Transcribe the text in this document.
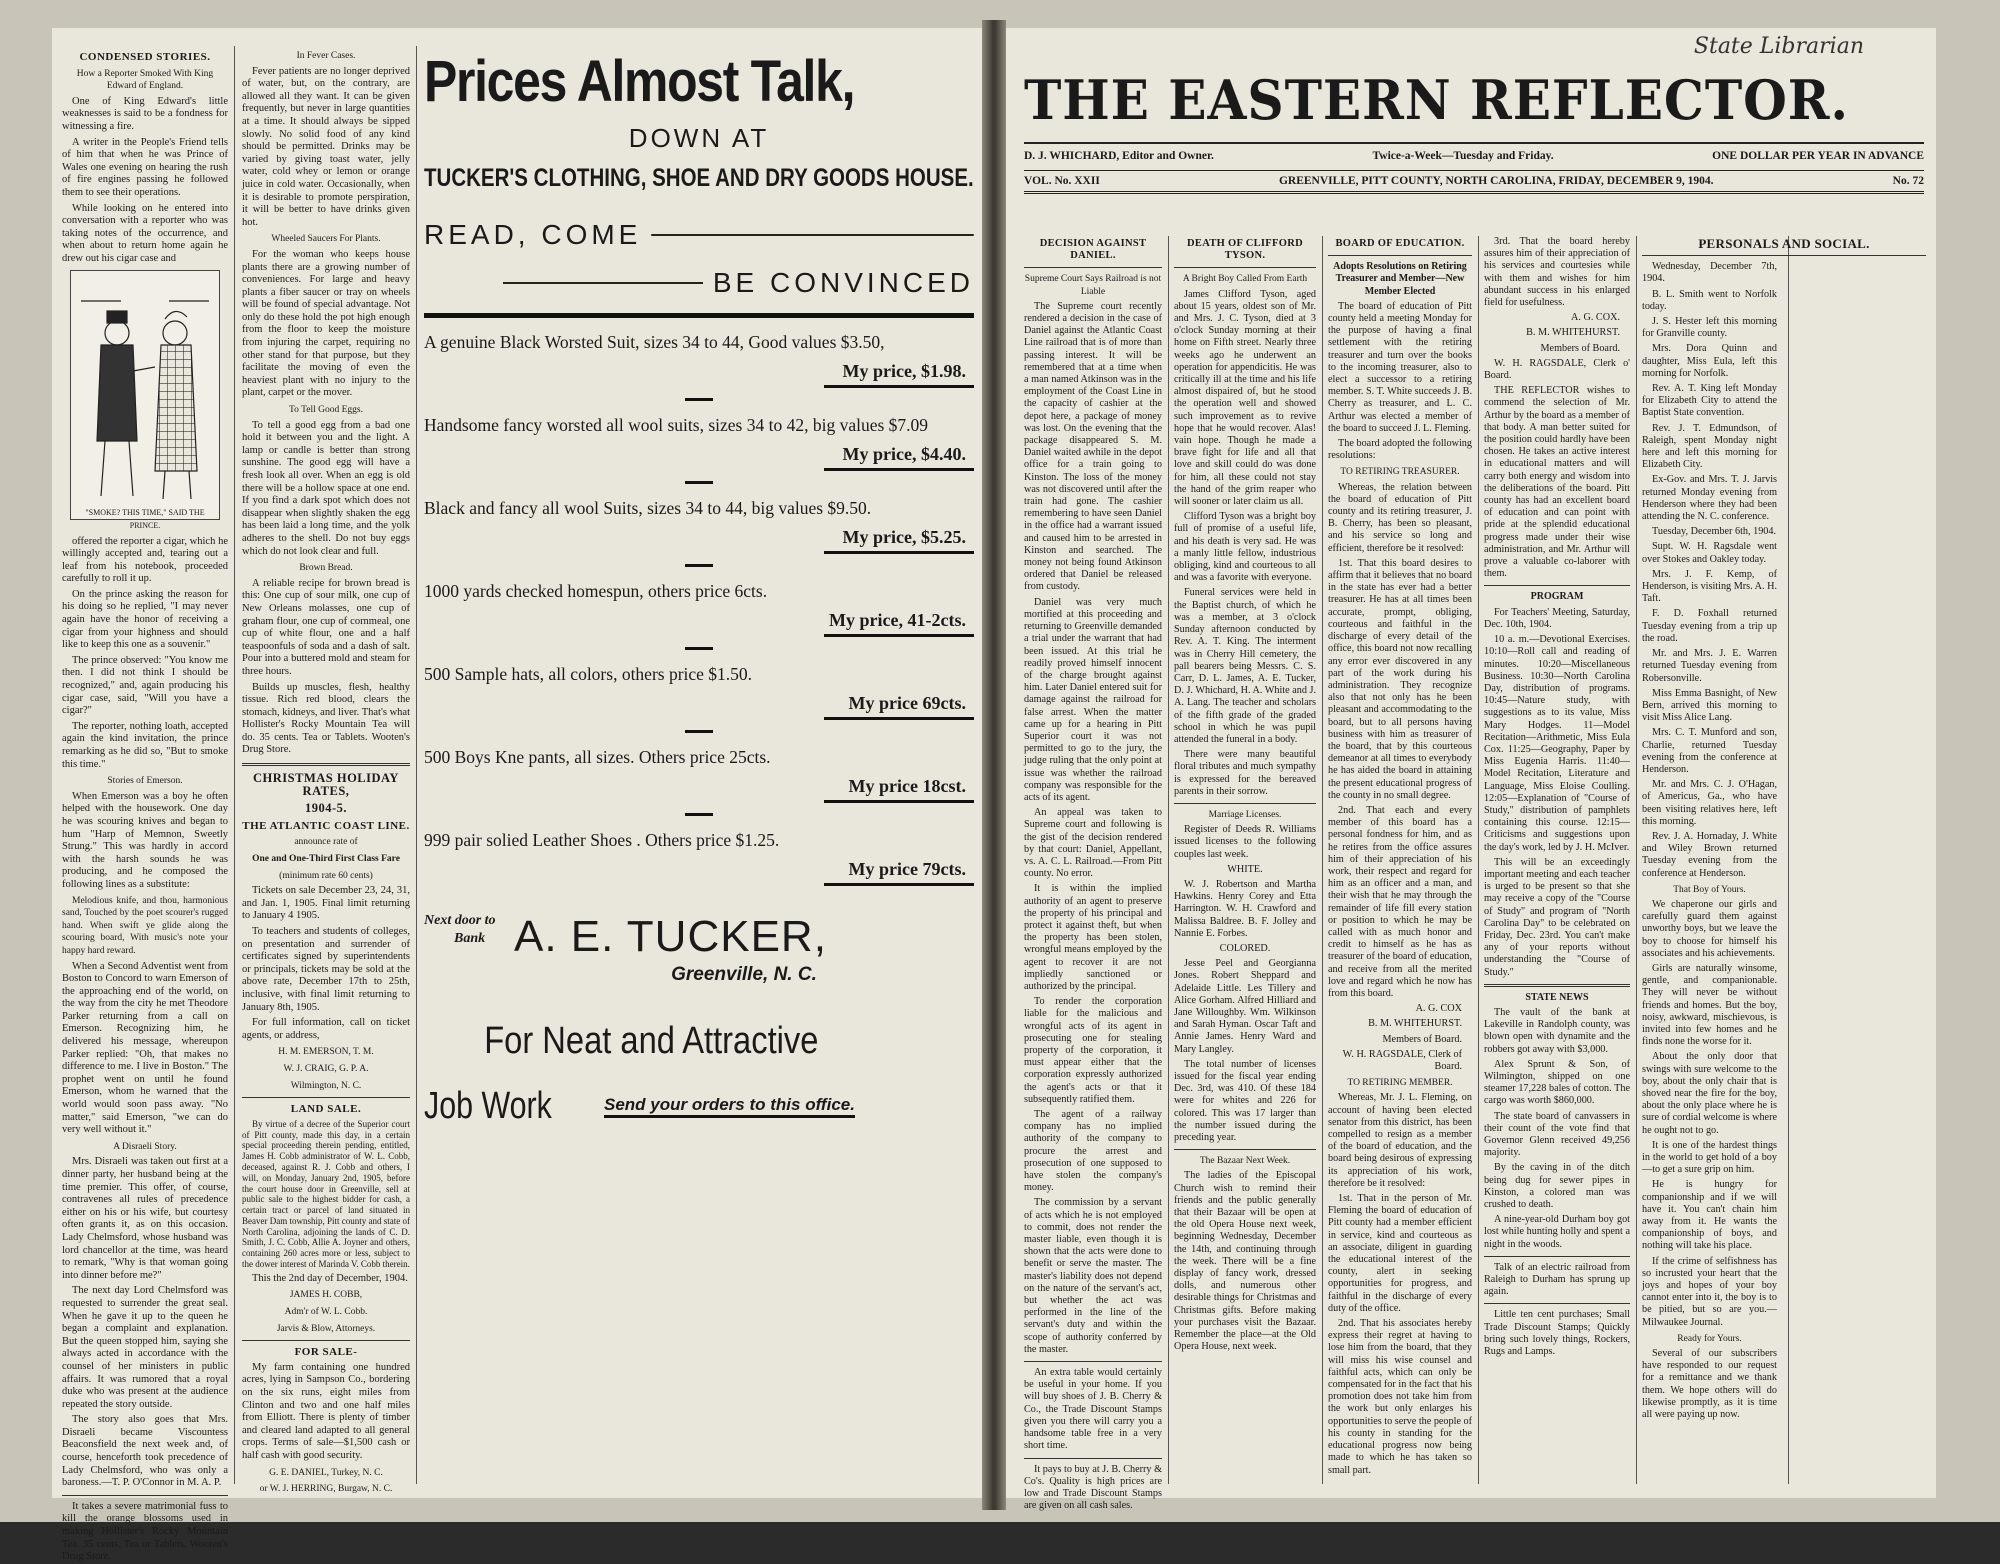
CONDENSED STORIES.
How a Reporter Smoked With King Edward of England.

One of King Edward's little weaknesses is said to be a fondness for witnessing a fire.

A writer in the People's Friend tells of him that when he was Prince of Wales one evening on hearing the rush of fire engines passing he followed them to see their operations.

While looking on he entered into conversation with a reporter who was taking notes of the occurrence, and when about to return home again he drew out his cigar case and

"SMOKE? THIS TIME," SAID THE PRINCE.

offered the reporter a cigar, which he willingly accepted and, tearing out a leaf from his notebook, proceeded carefully to roll it up.

On the prince asking the reason for his doing so he replied, "I may never again have the honor of receiving a cigar from your highness and should like to keep this one as a souvenir."

The prince observed: "You know me then. I did not think I should be recognized," and, again producing his cigar case, said, "Will you have a cigar?"

The reporter, nothing loath, accepted again the kind invitation, the prince remarking as he did so, "But to smoke this time."

Stories of Emerson.

When Emerson was a boy he often helped with the housework. One day he was scouring knives and began to hum "Harp of Memnon, Sweetly Strung." This was hardly in accord with the harsh sounds he was producing, and he composed the following lines as a substitute:

Melodious knife, and thou, harmonious sand, Touched by the poet scourer's rugged hand. When swift ye glide along the scouring board, With music's note your happy hard reward.

When a Second Adventist went from Boston to Concord to warn Emerson of the approaching end of the world, on the way from the city he met Theodore Parker returning from a call on Emerson. Recognizing him, he delivered his message, whereupon Parker replied: "Oh, that makes no difference to me. I live in Boston." The prophet went on until he found Emerson, whom he warned that the world would soon pass away. "No matter," said Emerson, "we can do very well without it."

A Disraeli Story.

Mrs. Disraeli was taken out first at a dinner party, her husband being at the time premier. This offer, of course, contravenes all rules of precedence either on his or his wife, but courtesy often grants it, as on this occasion. Lady Chelmsford, whose husband was lord chancellor at the time, was heard to remark, "Why is that woman going into dinner before me?"

The next day Lord Chelmsford was requested to surrender the great seal. When he gave it up to the queen he began a complaint and explanation. But the queen stopped him, saying she always acted in accordance with the counsel of her ministers in public affairs. It was rumored that a royal duke who was present at the audience repeated the story outside.

The story also goes that Mrs. Disraeli became Viscountess Beaconsfield the next week and, of course, henceforth took precedence of Lady Chelmsford, who was only a baroness.—T. P. O'Connor in M. A. P.

It takes a severe matrimonial fuss to kill the orange blossoms used in making Hollister's Rocky Mountain Tea. 35 cents. Tea or Tablets. Wooten's Drug Store.

In Fever Cases.

Fever patients are no longer deprived of water, but, on the contrary, are allowed all they want. It can be given frequently, but never in large quantities at a time. It should always be sipped slowly. No solid food of any kind should be permitted. Drinks may be varied by giving toast water, jelly water, cold whey or lemon or orange juice in cold water. Occasionally, when it is desirable to promote perspiration, it will be better to have drinks given hot.

Wheeled Saucers For Plants.

For the woman who keeps house plants there are a growing number of conveniences. For large and heavy plants a fiber saucer or tray on wheels will be found of special advantage. Not only do these hold the pot high enough from the floor to keep the moisture from injuring the carpet, requiring no other stand for that purpose, but they facilitate the moving of even the heaviest plant with no injury to the plant, carpet or the mover.

To Tell Good Eggs.

To tell a good egg from a bad one hold it between you and the light. A lamp or candle is better than strong sunshine. The good egg will have a fresh look all over. When an egg is old there will be a hollow space at one end. If you find a dark spot which does not disappear when slightly shaken the egg has been laid a long time, and the yolk adheres to the shell. Do not buy eggs which do not look clear and full.

Brown Bread.

A reliable recipe for brown bread is this: One cup of sour milk, one cup of New Orleans molasses, one cup of graham flour, one cup of cornmeal, one cup of white flour, one and a half teaspoonfuls of soda and a dash of salt. Pour into a buttered mold and steam for three hours.

Builds up muscles, flesh, healthy tissue. Rich red blood, clears the stomach, kidneys, and liver. That's what Hollister's Rocky Mountain Tea will do. 35 cents. Tea or Tablets. Wooten's Drug Store.

CHRISTMAS HOLIDAY RATES,
1904-5.
THE ATLANTIC COAST LINE.
announce rate of
One and One-Third First Class Fare
(minimum rate 60 cents)

Tickets on sale December 23, 24, 31, and Jan. 1, 1905. Final limit returning to January 4 1905.

To teachers and students of colleges, on presentation and surrender of certificates signed by superintendents or principals, tickets may be sold at the above rate, December 17th to 25th, inclusive, with final limit returning to January 8th, 1905.

For full information, call on ticket agents, or address,

H. M. EMERSON, T. M.
W. J. CRAIG, G. P. A.
Wilmington, N. C.
LAND SALE.

By virtue of a decree of the Superior court of Pitt county, made this day, in a certain special proceeding therein pending, entitled, James H. Cobb administrator of W. L. Cobb, deceased, against R. J. Cobb and others, I will, on Monday, January 2nd, 1905, before the court house door in Greenville, sell at public sale to the highest bidder for cash, a certain tract or parcel of land situated in Beaver Dam township, Pitt county and state of North Carolina, adjoining the lands of C. D. Smith, J. C. Cobb, Allie A. Joyner and others, containing 260 acres more or less, subject to the dower interest of Marinda V. Cobb therein.

This the 2nd day of December, 1904.

JAMES H. COBB,
Adm'r of W. L. Cobb.
Jarvis & Blow, Attorneys.
FOR SALE-

My farm containing one hundred acres, lying in Sampson Co., bordering on the six runs, eight miles from Clinton and two and one half miles from Elliott. There is plenty of timber and cleared land adapted to all general crops. Terms of sale—$1,500 cash or half cash with good security.

G. E. DANIEL, Turkey, N. C.
or W. J. HERRING, Burgaw, N. C.
Prices Almost Talk,
DOWN AT
TUCKER'S CLOTHING, SHOE AND DRY GOODS HOUSE.
READ, COME
BE CONVINCED
A genuine Black Worsted Suit, sizes 34 to 44, Good values $3.50,
My price, $1.98.
Handsome fancy worsted all wool suits, sizes 34 to 42, big values $7.09
My price, $4.40.
Black and fancy all wool Suits, sizes 34 to 44, big values $9.50.
My price, $5.25.
1000 yards checked homespun, others price 6cts.
My price, 41-2cts.
500 Sample hats, all colors, others price $1.50.
My price 69cts.
500 Boys Kne pants, all sizes. Others price 25cts.
My price 18cst.
999 pair solied Leather Shoes . Others price $1.25.
My price 79cts.
Next door to
Bank A. E. TUCKER,
Greenville, N. C.
For Neat and Attractive
Job Work	Send your orders to this office.
State Librarian
THE EASTERN REFLECTOR.
D. J. WHICHARD, Editor and Owner.	Twice-a-Week—Tuesday and Friday.	ONE DOLLAR PER YEAR IN ADVANCE
VOL. No. XXII	GREENVILLE, PITT COUNTY, NORTH CAROLINA, FRIDAY, DECEMBER 9, 1904.	No. 72
DECISION AGAINST DANIEL.
Supreme Court Says Railroad is not Liable

The Supreme court recently rendered a decision in the case of Daniel against the Atlantic Coast Line railroad that is of more than passing interest. It will be remembered that at a time when a man named Atkinson was in the employment of the Coast Line in the capacity of cashier at the depot here, a package of money was lost. On the evening that the package disappeared S. M. Daniel waited awhile in the depot office for a train going to Kinston. The loss of the money was not discovered until after the train had gone. The cashier remembering to have seen Daniel in the office had a warrant issued and caused him to be arrested in Kinston and searched. The money not being found Atkinson ordered that Daniel be released from custody.

Daniel was very much mortified at this proceeding and returning to Greenville demanded a trial under the warrant that had been issued. At this trial he readily proved himself innocent of the charge brought against him. Later Daniel entered suit for damage against the railroad for false arrest. When the matter came up for a hearing in Pitt Superior court it was not permitted to go to the jury, the judge ruling that the only point at issue was whether the railroad company was responsible for the acts of its agent.

An appeal was taken to Supreme court and following is the gist of the decision rendered by that court: Daniel, Appellant, vs. A. C. L. Railroad.—From Pitt county. No error.

It is within the implied authority of an agent to preserve the property of his principal and protect it against theft, but when the property has been stolen, wrongful means employed by the agent to recover it are not impliedly sanctioned or authorized by the principal.

To render the corporation liable for the malicious and wrongful acts of its agent in prosecuting one for stealing property of the corporation, it must appear either that the corporation expressly authorized the agent's acts or that it subsequently ratified them.

The agent of a railway company has no implied authority of the company to procure the arrest and prosecution of one supposed to have stolen the company's money.

The commission by a servant of acts which he is not employed to commit, does not render the master liable, even though it is shown that the acts were done to benefit or serve the master. The master's liability does not depend on the nature of the servant's act, but whether the act was performed in the line of the servant's duty and within the scope of authority conferred by the master.

An extra table would certainly be useful in your home. If you will buy shoes of J. B. Cherry & Co., the Trade Discount Stamps given you there will carry you a handsome table free in a very short time.

It pays to buy at J. B. Cherry & Co's. Quality is high prices are low and Trade Discount Stamps are given on all cash sales.

DEATH OF CLIFFORD TYSON.
A Bright Boy Called From Earth

James Clifford Tyson, aged about 15 years, oldest son of Mr. and Mrs. J. C. Tyson, died at 3 o'clock Sunday morning at their home on Fifth street. Nearly three weeks ago he underwent an operation for appendicitis. He was critically ill at the time and his life almost dispaired of, but he stood the operation well and showed such improvement as to revive hope that he would recover. Alas! vain hope. Though he made a brave fight for life and all that love and skill could do was done for him, all these could not stay the hand of the grim reaper who will sooner or later claim us all.

Clifford Tyson was a bright boy full of promise of a useful life, and his death is very sad. He was a manly little fellow, industrious obliging, kind and courteous to all and was a favorite with everyone.

Funeral services were held in the Baptist church, of which he was a member, at 3 o'clock Sunday afternoon conducted by Rev. A. T. King. The interment was in Cherry Hill cemetery, the pall bearers being Messrs. C. S. Carr, D. L. James, A. E. Tucker, D. J. Whichard, H. A. White and J. A. Lang. The teacher and scholars of the fifth grade of the graded school in which he was pupil attended the funeral in a body.

There were many beautiful floral tributes and much sympathy is expressed for the bereaved parents in their sorrow.

Marriage Licenses.

Register of Deeds R. Williams issued licenses to the following couples last week.

WHITE.

W. J. Robertson and Martha Hawkins. Henry Corey and Etta Harrington. W. H. Crawford and Malissa Baldree. B. F. Jolley and Nannie E. Forbes.

COLORED.

Jesse Peel and Georgianna Jones. Robert Sheppard and Adelaide Little. Les Tillery and Alice Gorham. Alfred Hilliard and Jane Willoughby. Wm. Wilkinson and Sarah Hyman. Oscar Taft and Annie James. Henry Ward and Mary Langley.

The total number of licenses issued for the fiscal year ending Dec. 3rd, was 410. Of these 184 were for whites and 226 for colored. This was 17 larger than the number issued during the preceding year.

The Bazaar Next Week.

The ladies of the Episcopal Church wish to remind their friends and the public generally that their Bazaar will be open at the old Opera House next week, beginning Wednesday, December the 14th, and continuing through the week. There will be a fine display of fancy work, dressed dolls, and numerous other desirable things for Christmas and Christmas gifts. Before making your purchases visit the Bazaar. Remember the place—at the Old Opera House, next week.

BOARD OF EDUCATION.
Adopts Resolutions on Retiring Treasurer and Member—New Member Elected

The board of education of Pitt county held a meeting Monday for the purpose of having a final settlement with the retiring treasurer and turn over the books to the incoming treasurer, also to elect a successor to a retiring member. S. T. White succeeds J. B. Cherry as treasurer, and L. C. Arthur was elected a member of the board to succeed J. L. Fleming.

The board adopted the following resolutions:

TO RETIRING TREASURER.

Whereas, the relation between the board of education of Pitt county and its retiring treasurer, J. B. Cherry, has been so pleasant, and his service so long and efficient, therefore be it resolved:

1st. That this board desires to affirm that it believes that no board in the state has ever had a better treasurer. He has at all times been accurate, prompt, obliging, courteous and faithful in the discharge of every detail of the office, this board not now recalling any error ever discovered in any part of the work during his administration. They recognize also that not only has he been pleasant and accommodating to the board, but to all persons having business with him as treasurer of the board, that by this courteous demeanor at all times to everybody he has aided the board in attaining the present educational progress of the county in no small degree.

2nd. That each and every member of this board has a personal fondness for him, and as he retires from the office assures him of their appreciation of his work, their respect and regard for him as an officer and a man, and their wish that he may through the remainder of life fill every station or position to which he may be called with as much honor and credit to himself as he has as treasurer of the board of education, and receive from all the merited love and regard which he now has from this board.

A. G. COX

B. M. WHITEHURST.

Members of Board.

W. H. RAGSDALE, Clerk of Board.

TO RETIRING MEMBER.

Whereas, Mr. J. L. Fleming, on account of having been elected senator from this district, has been compelled to resign as a member of the board of education, and the board being desirous of expressing its appreciation of his work, therefore be it resolved:

1st. That in the person of Mr. Fleming the board of education of Pitt county had a member efficient in service, kind and courteous as an associate, diligent in guarding the educational interest of the county, alert in seeking opportunities for progress, and faithful in the discharge of every duty of the office.

2nd. That his associates hereby express their regret at having to lose him from the board, that they will miss his wise counsel and faithful acts, which can only be compensated for in the fact that his promotion does not take him from the work but only enlarges his opportunities to serve the people of his county in standing for the educational progress now being made to which he has taken so small part.

3rd. That the board hereby assures him of their appreciation of his services and courtesies while with them and wishes for him abundant success in his enlarged field for usefulness.

A. G. COX.

B. M. WHITEHURST.

Members of Board.

W. H. RAGSDALE, Clerk o' Board.

THE REFLECTOR wishes to commend the selection of Mr. Arthur by the board as a member of that body. A man better suited for the position could hardly have been chosen. He takes an active interest in educational matters and will carry both energy and wisdom into the deliberations of the board. Pitt county has had an excellent board of education and can point with pride at the splendid educational progress made under their wise administration, and Mr. Arthur will prove a valuable co-laborer with them.

PROGRAM

For Teachers' Meeting, Saturday, Dec. 10th, 1904.

10 a. m.—Devotional Exercises. 10:10—Roll call and reading of minutes. 10:20—Miscellaneous Business. 10:30—North Carolina Day, distribution of programs. 10:45—Nature study, with suggestions as to its value, Miss Mary Hodges. 11—Model Recitation—Arithmetic, Miss Eula Cox. 11:25—Geography, Paper by Miss Eugenia Harris. 11:40—Model Recitation, Literature and Language, Miss Eloise Coulling. 12:05—Explanation of "Course of Study," distribution of pamphlets containing this course. 12:15—Criticisms and suggestions upon the day's work, led by J. H. McIver.

This will be an exceedingly important meeting and each teacher is urged to be present so that she may receive a copy of the "Course of Study" and program of "North Carolina Day" to be celebrated on Friday, Dec. 23rd. You can't make any of your reports without understanding the "Course of Study."

STATE NEWS

The vault of the bank at Lakeville in Randolph county, was blown open with dynamite and the robbers got away with $3,000.

Alex Sprunt & Son, of Wilmington, shipped on one steamer 17,228 bales of cotton. The cargo was worth $860,000.

The state board of canvassers in their count of the vote find that Governor Glenn received 49,256 majority.

By the caving in of the ditch being dug for sewer pipes in Kinston, a colored man was crushed to death.

A nine-year-old Durham boy got lost while hunting holly and spent a night in the woods.

Talk of an electric railroad from Raleigh to Durham has sprung up again.

Little ten cent purchases; Small Trade Discount Stamps; Quickly bring such lovely things, Rockers, Rugs and Lamps.

PERSONALS AND SOCIAL.

Wednesday, December 7th, 1904.

B. L. Smith went to Norfolk today.

J. S. Hester left this morning for Granville county.

Mrs. Dora Quinn and daughter, Miss Eula, left this morning for Norfolk.

Rev. A. T. King left Monday for Elizabeth City to attend the Baptist State convention.

Rev. J. T. Edmundson, of Raleigh, spent Monday night here and left this morning for Elizabeth City.

Ex-Gov. and Mrs. T. J. Jarvis returned Monday evening from Henderson where they had been attending the N. C. conference.

Tuesday, December 6th, 1904.

Supt. W. H. Ragsdale went over Stokes and Oakley today.

Mrs. J. F. Kemp, of Henderson, is visiting Mrs. A. H. Taft.

F. D. Foxhall returned Tuesday evening from a trip up the road.

Mr. and Mrs. J. E. Warren returned Tuesday evening from Robersonville.

Miss Emma Basnight, of New Bern, arrived this morning to visit Miss Alice Lang.

Mrs. C. T. Munford and son, Charlie, returned Tuesday evening from the conference at Henderson.

Mr. and Mrs. C. J. O'Hagan, of Americus, Ga., who have been visiting relatives here, left this morning.

Rev. J. A. Hornaday, J. White and Wiley Brown returned Tuesday evening from the conference at Henderson.

That Boy of Yours.

We chaperone our girls and carefully guard them against unworthy boys, but we leave the boy to choose for himself his associates and his achievements.

Girls are naturally winsome, gentle, and companionable. They will never be without friends and homes. But the boy, noisy, awkward, mischievous, is invited into few homes and he finds none the worse for it.

About the only door that swings with sure welcome to the boy, about the only chair that is shoved near the fire for the boy, about the only place where he is sure of cordial welcome is where he ought not to go.

It is one of the hardest things in the world to get hold of a boy—to get a sure grip on him.

He is hungry for companionship and if we will have it. You can't chain him away from it. He wants the companionship of boys, and nothing will take his place.

If the crime of selfishness has so incrusted your heart that the joys and hopes of your boy cannot enter into it, the boy is to be pitied, but so are you.—Milwaukee Journal.

Ready for Yours.

Several of our subscribers have responded to our request for a remittance and we thank them. We hope others will do likewise promptly, as it is time all were paying up now.
